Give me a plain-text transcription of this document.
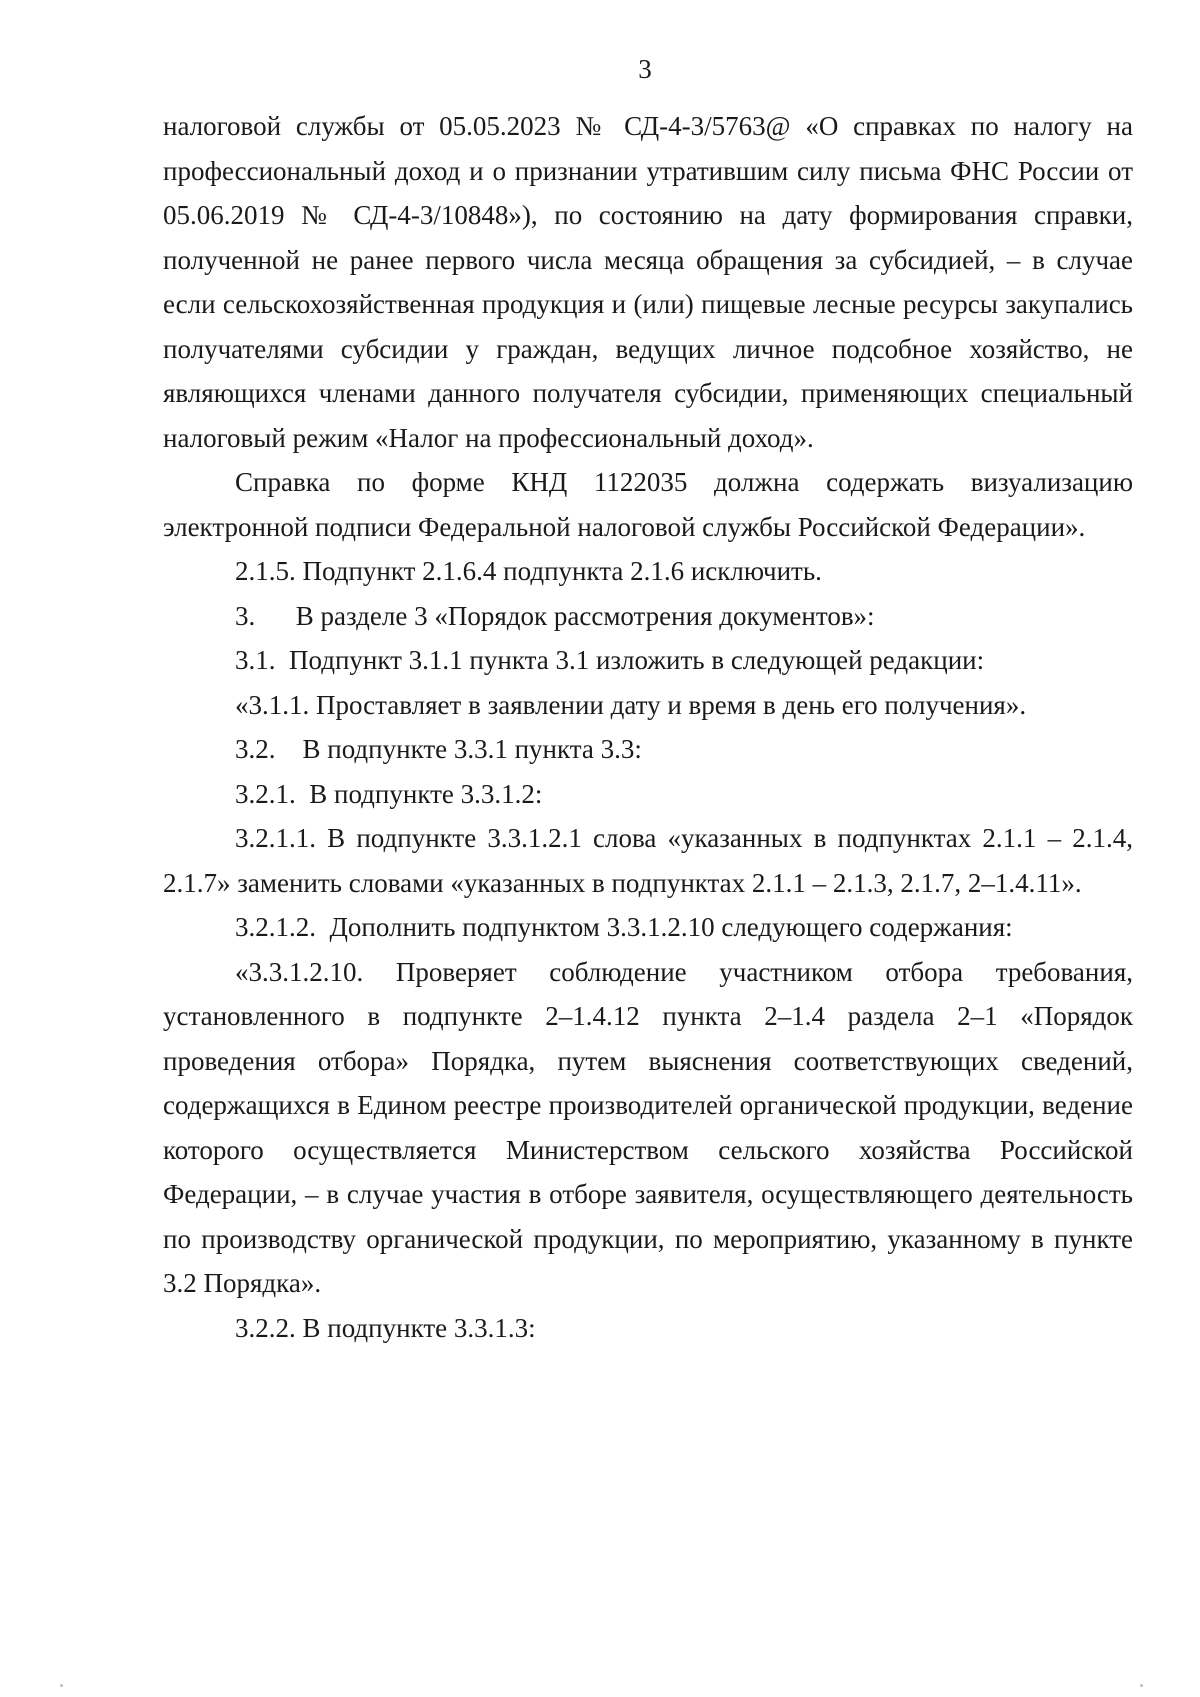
3

налоговой службы от 05.05.2023 № СД-4-3/5763@ «О справках по налогу на профессиональный доход и о признании утратившим силу письма ФНС России от 05.06.2019 № СД-4-3/10848»), по состоянию на дату формирования справки, полученной не ранее первого числа месяца обращения за субсидией, – в случае если сельскохозяйственная продукция и (или) пищевые лесные ресурсы закупались получателями субсидии у граждан, ведущих личное подсобное хозяйство, не являющихся членами данного получателя субсидии, применяющих специальный налоговый режим «Налог на профессиональный доход».

Справка по форме КНД 1122035 должна содержать визуализацию электронной подписи Федеральной налоговой службы Российской Федерации».

2.1.5. Подпункт 2.1.6.4 подпункта 2.1.6 исключить.

3.      В разделе 3 «Порядок рассмотрения документов»:

3.1.  Подпункт 3.1.1 пункта 3.1 изложить в следующей редакции:

«3.1.1. Проставляет в заявлении дату и время в день его получения».

3.2.    В подпункте 3.3.1 пункта 3.3:

3.2.1.  В подпункте 3.3.1.2:

3.2.1.1. В подпункте 3.3.1.2.1 слова «указанных в подпунктах 2.1.1 – 2.1.4, 2.1.7» заменить словами «указанных в подпунктах 2.1.1 – 2.1.3, 2.1.7, 2–1.4.11».

3.2.1.2.  Дополнить подпунктом 3.3.1.2.10 следующего содержания:

«3.3.1.2.10. Проверяет соблюдение участником отбора требования, установленного в подпункте 2–1.4.12 пункта 2–1.4 раздела 2–1 «Порядок проведения отбора» Порядка, путем выяснения соответствующих сведений, содержащихся в Едином реестре производителей органической продукции, ведение которого осуществляется Министерством сельского хозяйства Российской Федерации, – в случае участия в отборе заявителя, осуществляющего деятельность по производству органической продукции, по мероприятию, указанному в пункте 3.2 Порядка».

3.2.2. В подпункте 3.3.1.3:
